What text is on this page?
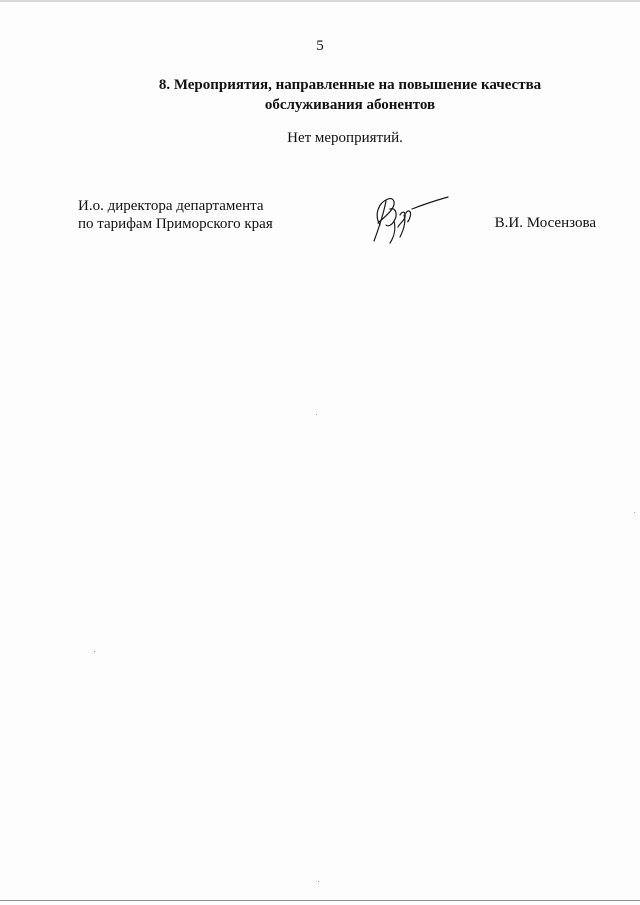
5
8. Мероприятия, направленные на повышение качества
обслуживания абонентов
Нет мероприятий.
И.о. директора департамента
по тарифам Приморского края	В.И. Мосензова
